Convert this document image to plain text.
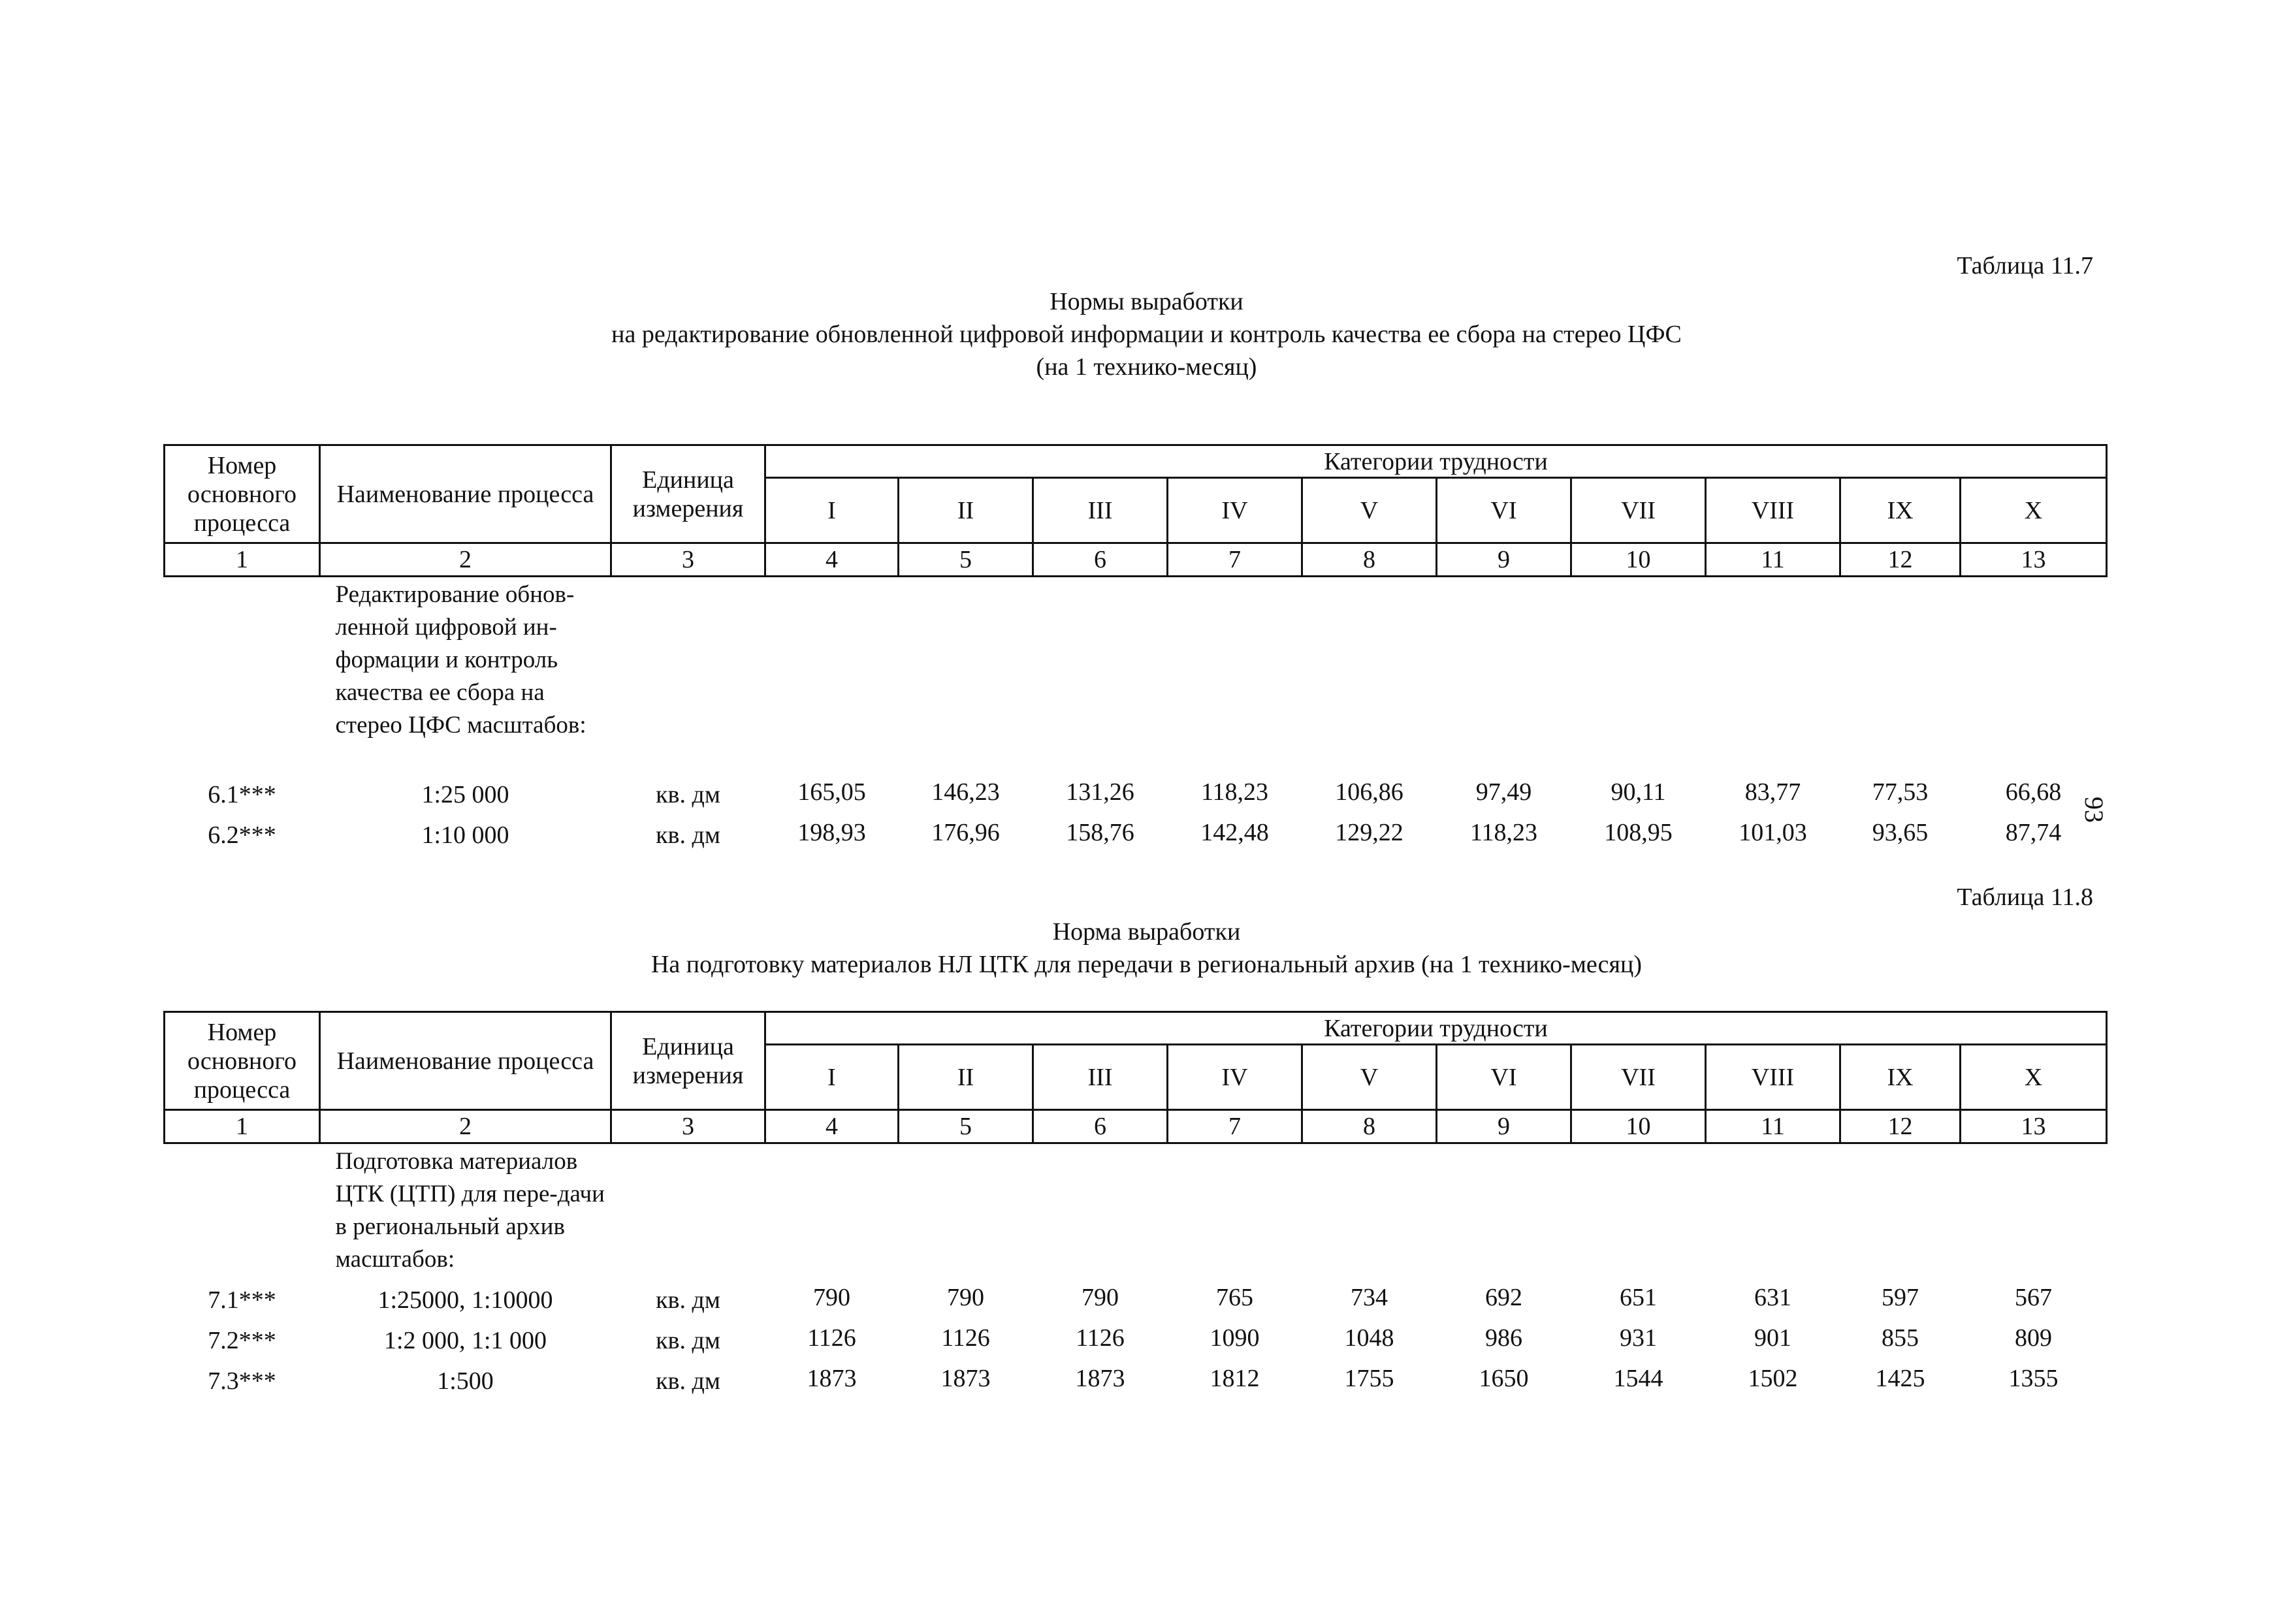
93
Таблица 11.7
Нормы выработки
на редактирование обновленной цифровой информации и контроль качества ее сбора на стерео ЦФС
(на 1 технико-месяц)
Номер основного процесса	Наименование процесса	Единица измерения	Категории трудности									
			I	II	III	IV	V	VI	VII	VIII	IX	X
1	2	3	4	5	6	7	8	9	10	11	12	13
	Редактирование обнов-ленной цифровой ин-формации и контроль качества ее сбора на стерео ЦФС масштабов:											
6.1***	1:25 000	кв. дм	165,05	146,23	131,26	118,23	106,86	97,49	90,11	83,77	77,53	66,68
6.2***	1:10 000	кв. дм	198,93	176,96	158,76	142,48	129,22	118,23	108,95	101,03	93,65	87,74
Таблица 11.8
Норма выработки
На подготовку материалов НЛ ЦТК для передачи в региональный архив (на 1 технико-месяц)
Номер основного процесса	Наименование процесса	Единица измерения	Категории трудности									
			I	II	III	IV	V	VI	VII	VIII	IX	X
1	2	3	4	5	6	7	8	9	10	11	12	13
	Подготовка материалов ЦТК (ЦТП) для пере-дачи в региональный архив масштабов:											
7.1***	1:25000, 1:10000	кв. дм	790	790	790	765	734	692	651	631	597	567
7.2***	1:2 000, 1:1 000	кв. дм	1126	1126	1126	1090	1048	986	931	901	855	809
7.3***	1:500	кв. дм	1873	1873	1873	1812	1755	1650	1544	1502	1425	1355
